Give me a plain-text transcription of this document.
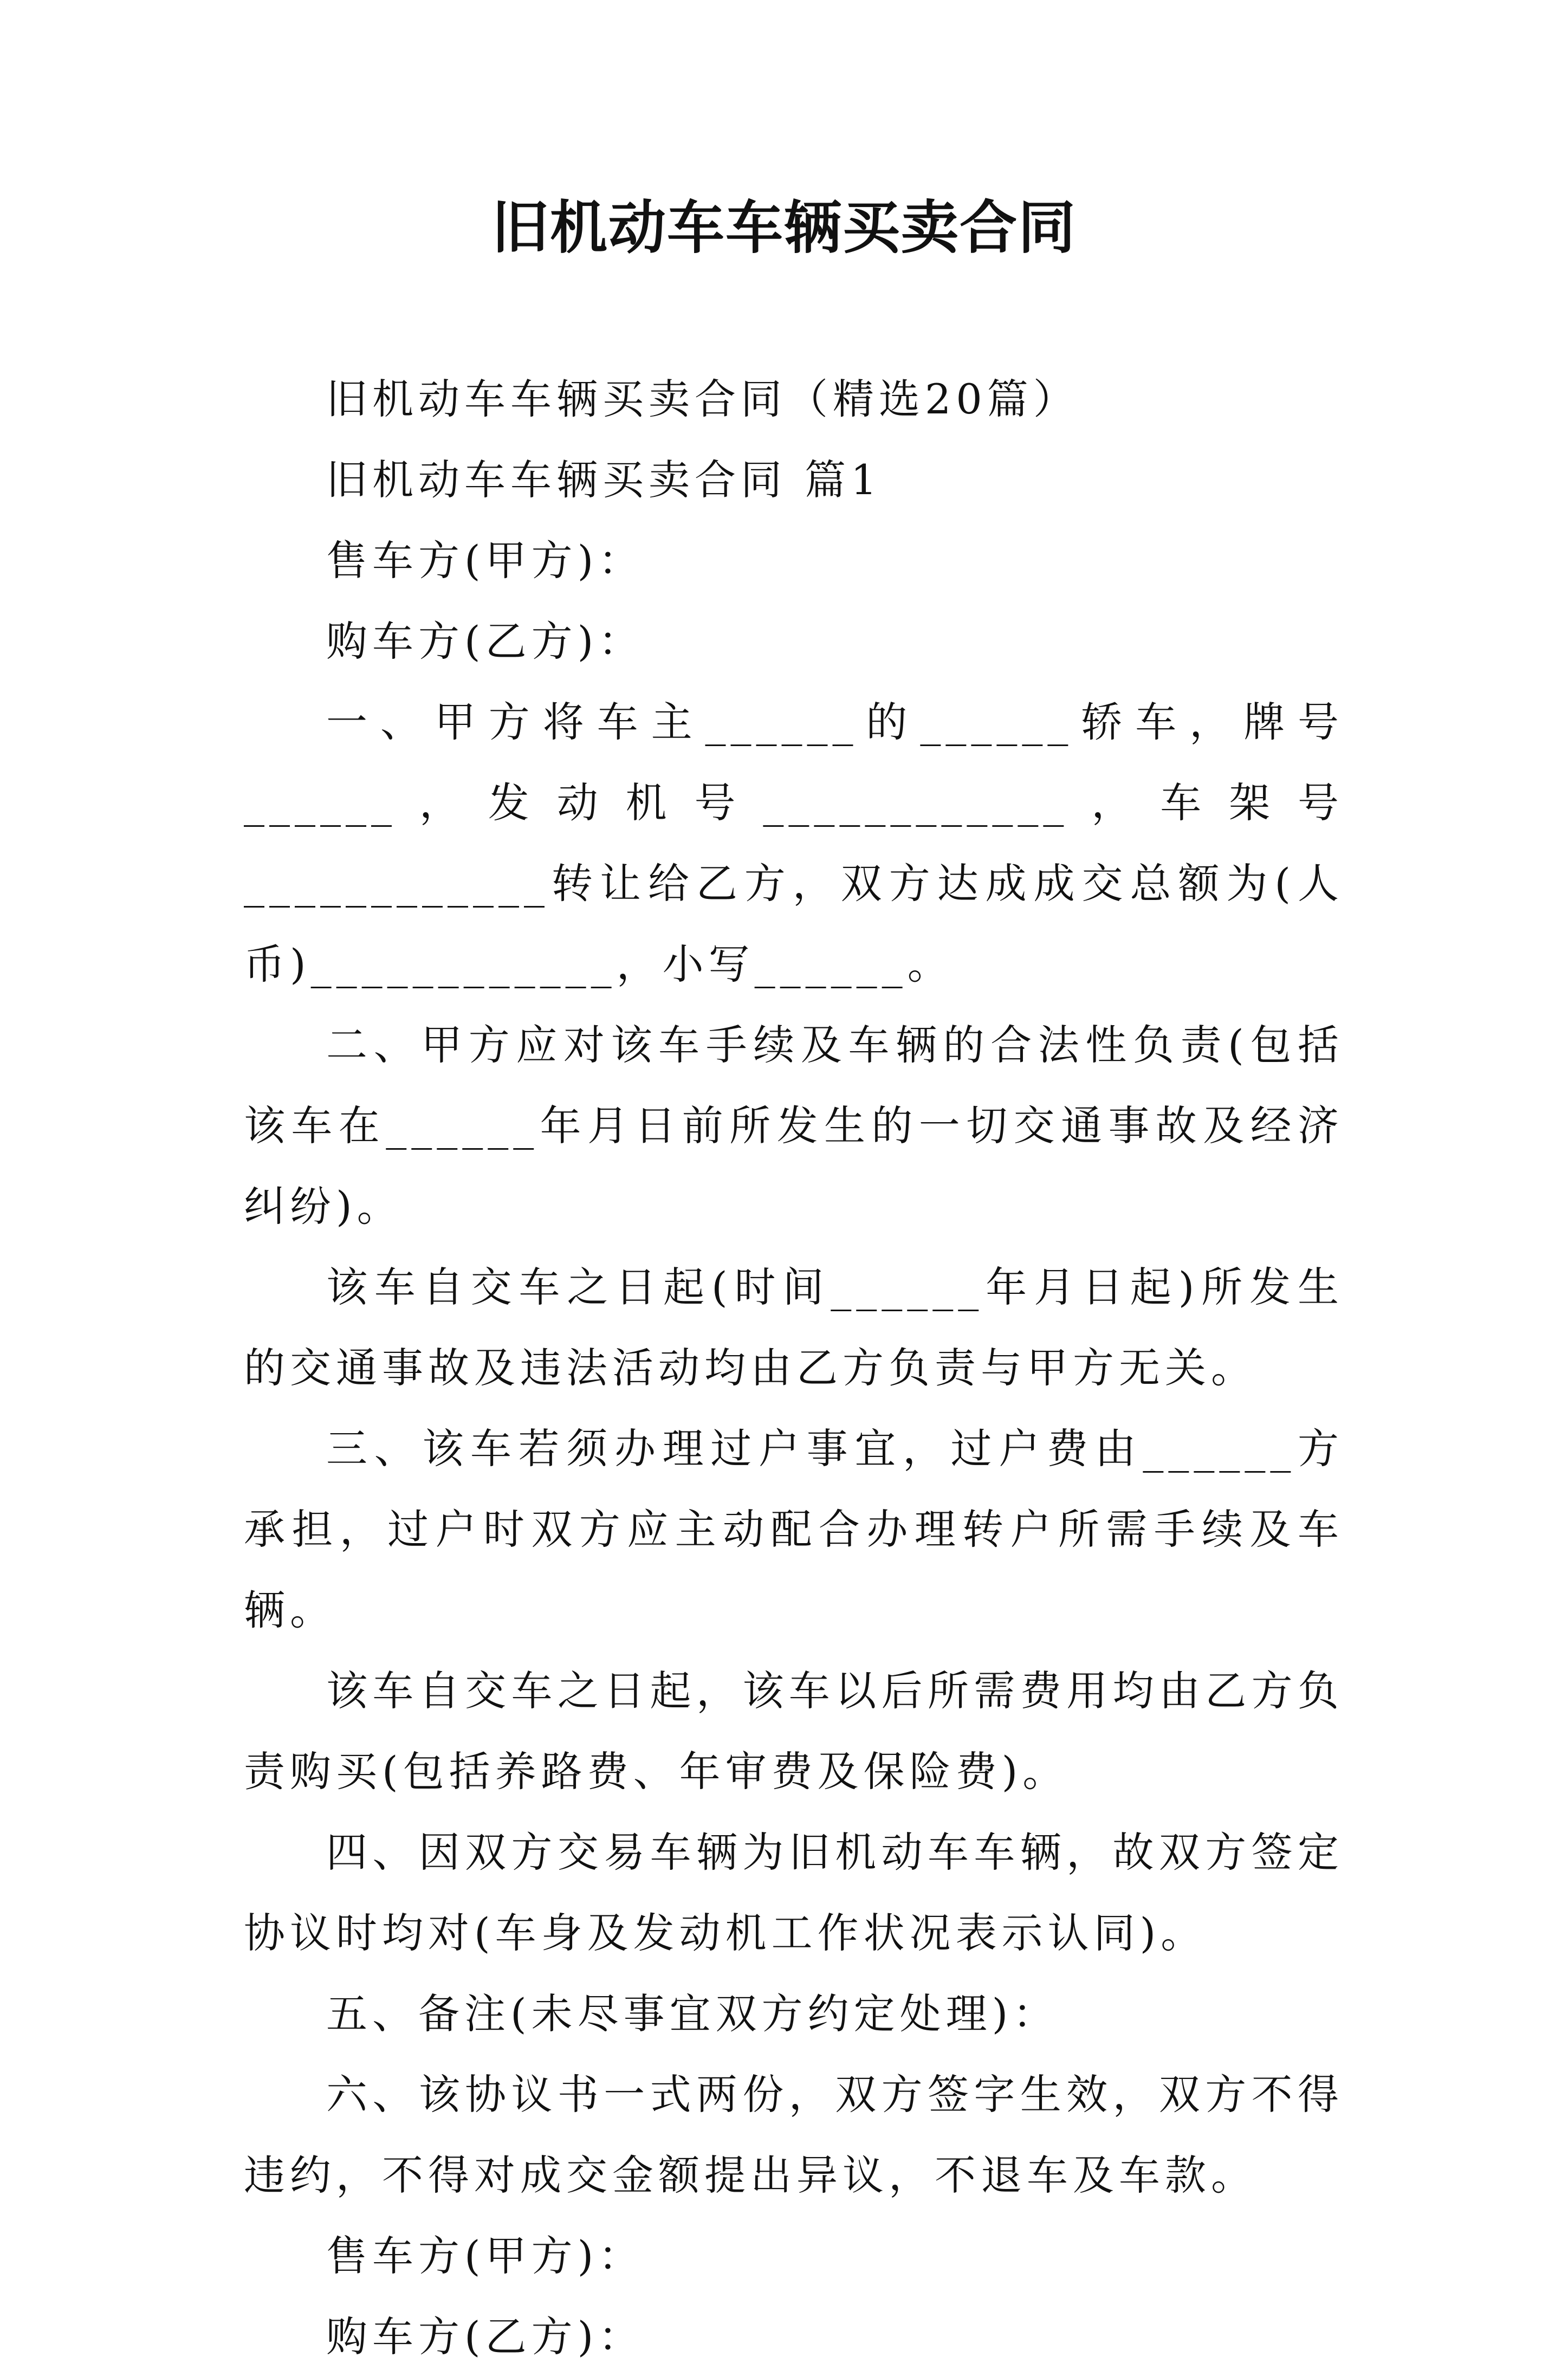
旧机动车车辆买卖合同

旧机动车车辆买卖合同（精选20篇）

旧机动车车辆买卖合同 篇1

售车方(甲方)：

购车方(乙方)：

一、甲方将车主______的______轿车，牌号______，发动机号____________，车架号____________转让给乙方，双方达成成交总额为(人币)____________，小写______。

二、甲方应对该车手续及车辆的合法性负责(包括该车在______年月日前所发生的一切交通事故及经济纠纷)。

该车自交车之日起(时间______年月日起)所发生的交通事故及违法活动均由乙方负责与甲方无关。

三、该车若须办理过户事宜，过户费由______方承担，过户时双方应主动配合办理转户所需手续及车辆。

该车自交车之日起，该车以后所需费用均由乙方负责购买(包括养路费、年审费及保险费)。

四、因双方交易车辆为旧机动车车辆，故双方签定协议时均对(车身及发动机工作状况表示认同)。

五、备注(未尽事宜双方约定处理)：

六、该协议书一式两份，双方签字生效，双方不得违约，不得对成交金额提出异议，不退车及车款。

售车方(甲方)：

购车方(乙方)：
